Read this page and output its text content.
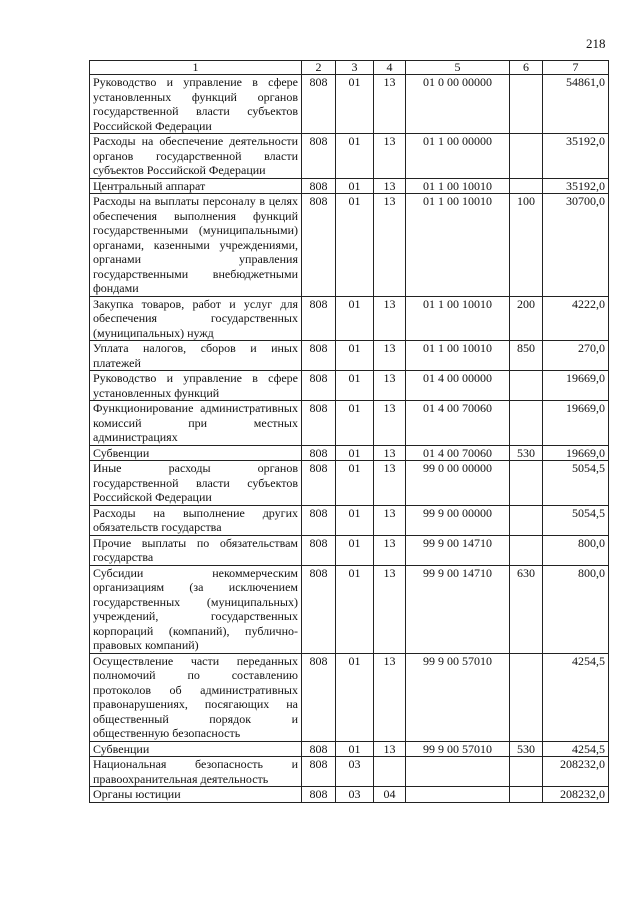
218
1	2	3	4	5	6	7
Руководство и управление в сфере установленных функций органов государственной власти субъектов Российской Федерации	808	01	13	01 0 00 00000		54861,0
Расходы на обеспечение деятельности органов государственной власти субъектов Российской Федерации	808	01	13	01 1 00 00000		35192,0
Центральный аппарат	808	01	13	01 1 00 10010		35192,0
Расходы на выплаты персоналу в целях обеспечения выполнения функций государственными (муниципальными) органами, казенными учреждениями, органами управления государственными внебюджетными фондами	808	01	13	01 1 00 10010	100	30700,0
Закупка товаров, работ и услуг для обеспечения государственных (муниципальных) нужд	808	01	13	01 1 00 10010	200	4222,0
Уплата налогов, сборов и иных платежей	808	01	13	01 1 00 10010	850	270,0
Руководство и управление в сфере установленных функций	808	01	13	01 4 00 00000		19669,0
Функционирование административных комиссий при местных администрациях	808	01	13	01 4 00 70060		19669,0
Субвенции	808	01	13	01 4 00 70060	530	19669,0
Иные расходы органов государственной власти субъектов Российской Федерации	808	01	13	99 0 00 00000		5054,5
Расходы на выполнение других обязательств государства	808	01	13	99 9 00 00000		5054,5
Прочие выплаты по обязательствам государства	808	01	13	99 9 00 14710		800,0
Субсидии некоммерческим организациям (за исключением государственных (муниципальных) учреждений, государственных корпораций (компаний), публично-правовых компаний)	808	01	13	99 9 00 14710	630	800,0
Осуществление части переданных полномочий по составлению протоколов об административных правонарушениях, посягающих на общественный порядок и общественную безопасность	808	01	13	99 9 00 57010		4254,5
Субвенции	808	01	13	99 9 00 57010	530	4254,5
Национальная безопасность и правоохранительная деятельность	808	03				208232,0
Органы юстиции	808	03	04			208232,0
